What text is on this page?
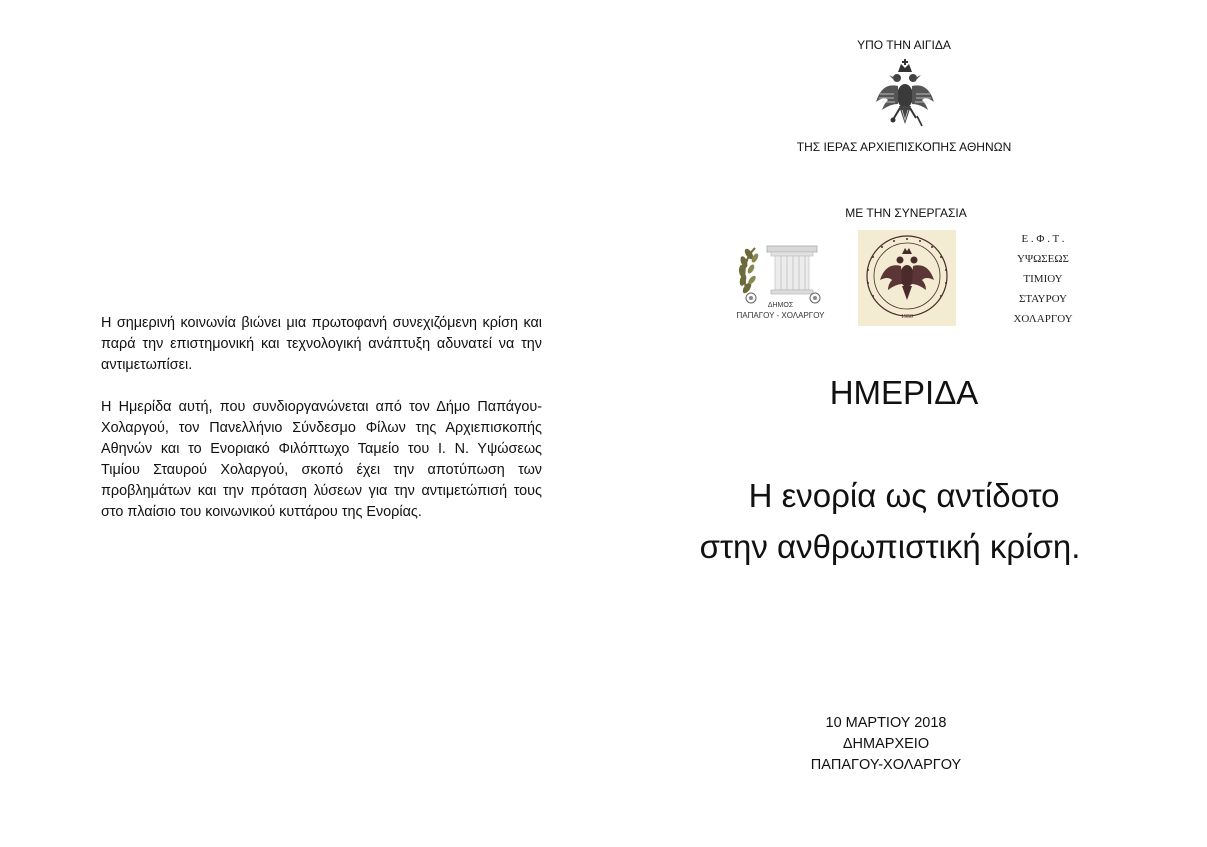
Η σημερινή κοινωνία βιώνει μια πρωτοφανή συνεχιζόμενη κρίση και παρά την επιστημονική και τεχνολογική ανάπτυξη αδυνατεί να την αντιμετωπίσει.

Η Ημερίδα αυτή, που συνδιοργανώνεται από τον Δήμο Παπάγου-Χολαργού, τον Πανελλήνιο Σύνδεσμο Φίλων της Αρχιεπισκοπής Αθηνών και το Ενοριακό Φιλόπτωχο Ταμείο του Ι. Ν. Υψώσεως Τιμίου Σταυρού Χολαργού, σκοπό έχει την αποτύπωση των προβλημάτων και την πρόταση λύσεων για την αντιμετώπισή τους στο πλαίσιο του κοινωνικού κυττάρου της Ενορίας.

ΥΠΟ ΤΗΝ ΑΙΓΙΔΑ
ΤΗΣ ΙΕΡΑΣ ΑΡΧΙΕΠΙΣΚΟΠΗΣ ΑΘΗΝΩΝ
ΜΕ ΤΗΝ ΣΥΝΕΡΓΑΣΙΑ
ΔΗΜΟΣ
ΠΑΠΑΓΟΥ - ΧΟΛΑΡΓΟΥ	1950
Ε . Φ . Τ .
ΥΨΩΣΕΩΣ
ΤΙΜΙΟΥ
ΣΤΑΥΡΟΥ
ΧΟΛΑΡΓΟΥ
ΗΜΕΡΙΔΑ
Η ενορία ως αντίδοτο
στην ανθρωπιστική κρίση.
10 ΜΑΡΤΙΟΥ 2018
ΔΗΜΑΡΧΕΙΟ
ΠΑΠΑΓΟΥ-ΧΟΛΑΡΓΟΥ
